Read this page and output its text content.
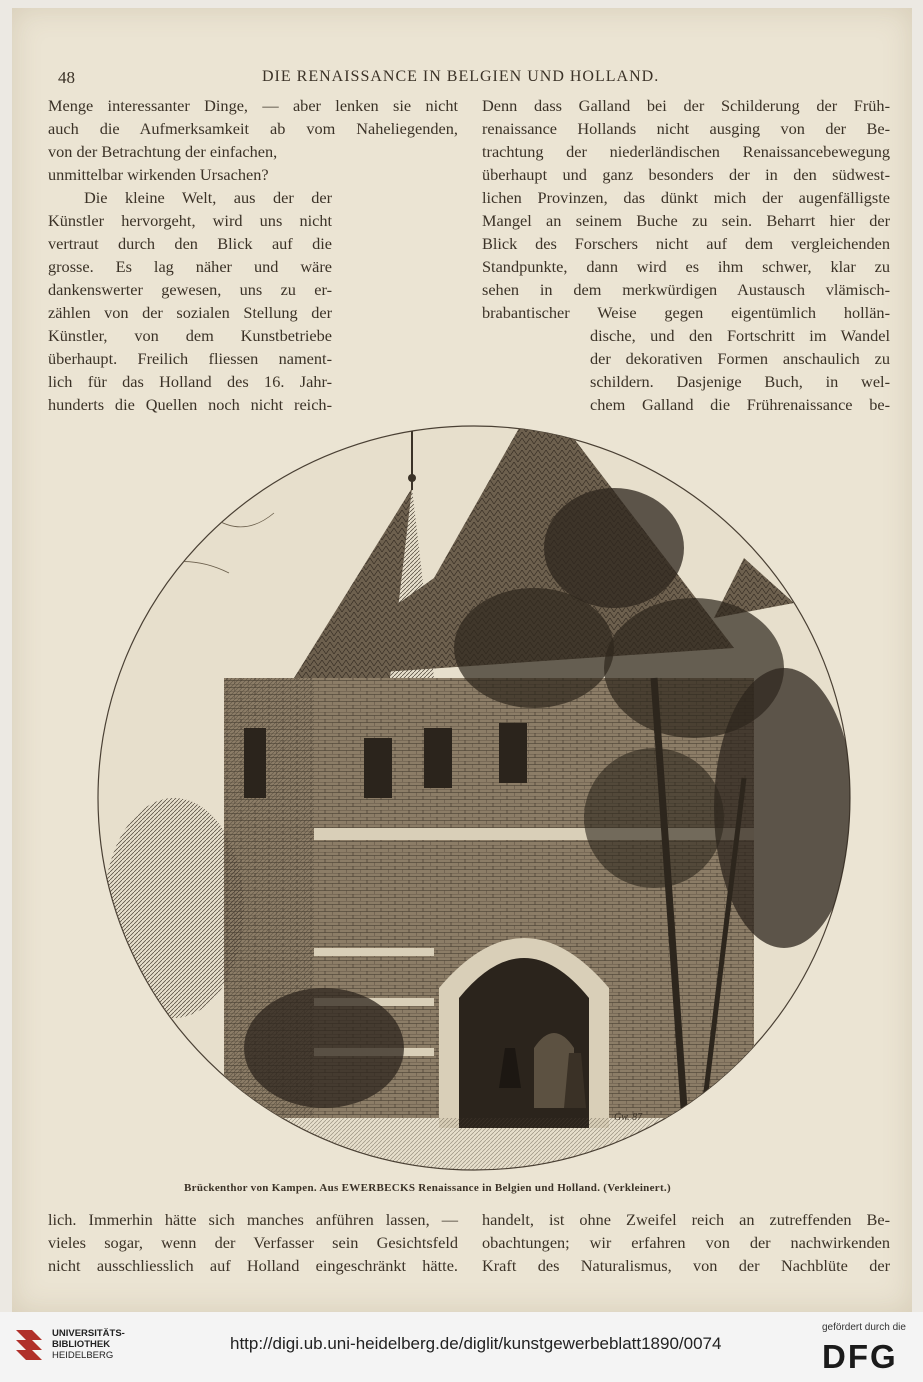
48	DIE RENAISSANCE IN BELGIEN UND HOLLAND.
Menge interessanter Dinge, — aber lenken sie nicht
auch die Aufmerksamkeit ab vom Naheliegenden,
von der Betrachtung der einfachen,
unmittelbar wirkenden Ursachen?
Die kleine Welt, aus der der
Künstler hervorgeht, wird uns nicht
vertraut durch den Blick auf die
grosse. Es lag näher und wäre
dankenswerter gewesen, uns zu er-
zählen von der sozialen Stellung der
Künstler, von dem Kunstbetriebe
überhaupt. Freilich fliessen nament-
lich für das Holland des 16. Jahr-
hunderts die Quellen noch nicht reich-
Denn dass Galland bei der Schilderung der Früh-
renaissance Hollands nicht ausging von der Be-
trachtung der niederländischen Renaissancebewegung
überhaupt und ganz besonders der in den südwest-
lichen Provinzen, das dünkt mich der augenfälligste
Mangel an seinem Buche zu sein. Beharrt hier der
Blick des Forschers nicht auf dem vergleichenden
Standpunkte, dann wird es ihm schwer, klar zu
sehen in dem merkwürdigen Austausch vlämisch-
brabantischer Weise gegen eigentümlich hollän-
dische, und den Fortschritt im Wandel
der dekorativen Formen anschaulich zu
schildern. Dasjenige Buch, in wel-
chem Galland die Frührenaissance be-
Gw. 87
Brückenthor von Kampen. Aus EWERBECKS Renaissance in Belgien und Holland. (Verkleinert.)
lich. Immerhin hätte sich manches anführen lassen, —
vieles sogar, wenn der Verfasser sein Gesichtsfeld
nicht ausschliesslich auf Holland eingeschränkt hätte.
handelt, ist ohne Zweifel reich an zutreffenden Be-
obachtungen; wir erfahren von der nachwirkenden
Kraft des Naturalismus, von der Nachblüte der
UNIVERSITÄTS-
BIBLIOTHEK
HEIDELBERG
http://digi.ub.uni-heidelberg.de/diglit/kunstgewerbeblatt1890/0074
gefördert durch die
DFG
